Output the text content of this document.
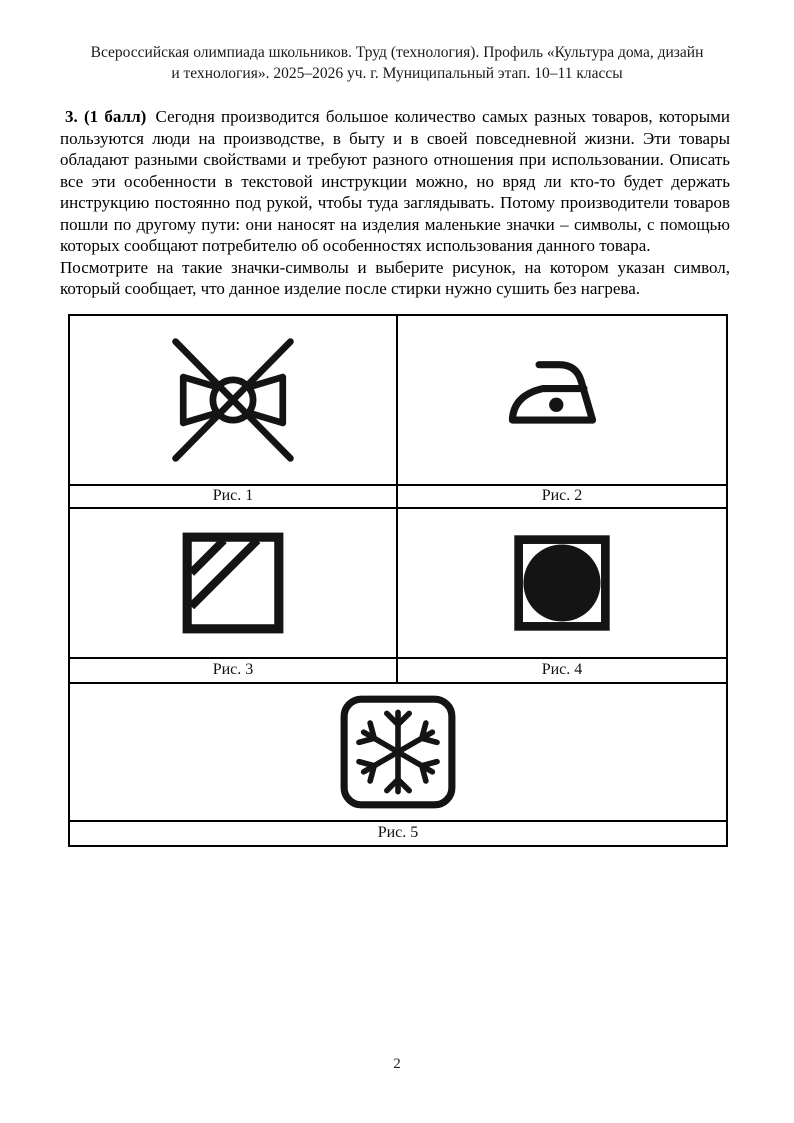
Всероссийская олимпиада школьников. Труд (технология). Профиль «Культура дома, дизайн
и технология». 2025–2026 уч. г. Муниципальный этап. 10–11 классы

3. (1 балл) Сегодня производится большое количество самых разных товаров, которыми пользуются люди на производстве, в быту и в своей повседневной жизни. Эти товары обладают разными свойствами и требуют разного отношения при использовании. Описать все эти особенности в текстовой инструкции можно, но вряд ли кто-то будет держать инструкцию постоянно под рукой, чтобы туда заглядывать. Потому производители товаров пошли по другому пути: они наносят на изделия маленькие значки – символы, с помощью которых сообщают потребителю об особенностях использования данного товара.

Посмотрите на такие значки-символы и выберите рисунок, на котором указан символ, который сообщает, что данное изделие после стирки нужно сушить без нагрева.

Рис. 1	Рис. 2
Рис. 3	Рис. 4
Рис. 5
2
